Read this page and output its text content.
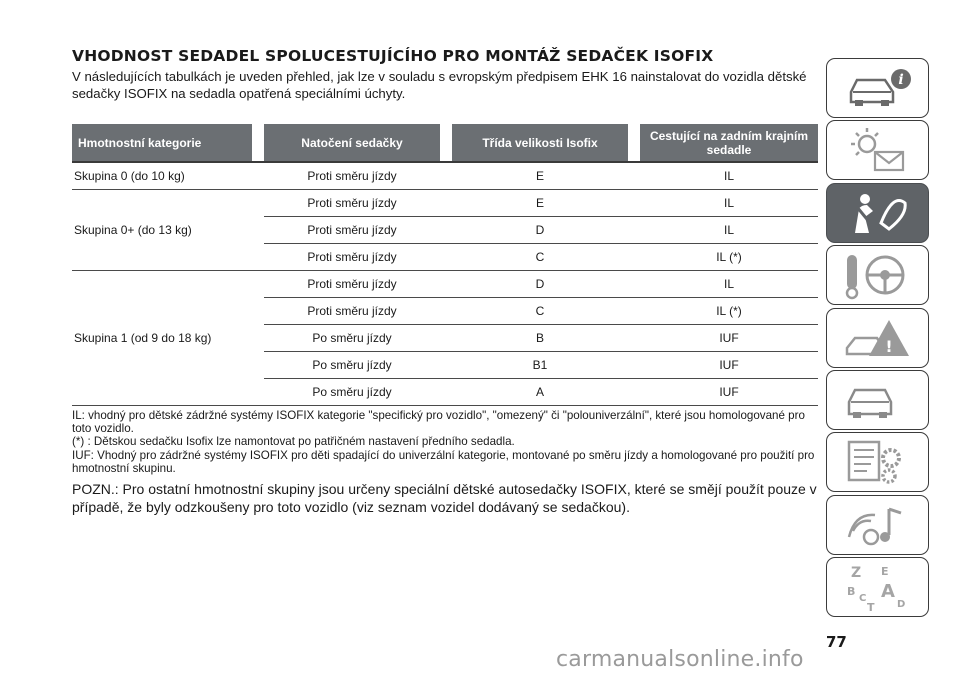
VHODNOST SEDADEL SPOLUCESTUJÍCÍHO PRO MONTÁŽ SEDAČEK ISOFIX
V následujících tabulkách je uveden přehled, jak lze v souladu s evropským předpisem EHK 16 nainstalovat do vozidla dětské sedačky ISOFIX na sedadla opatřená speciálními úchyty.
Hmotnostní kategorie		Natočení sedačky		Třída velikosti Isofix		Cestující na zadním krajním sedadle
Skupina 0 (do 10 kg)		Proti směru jízdy		E		IL
Skupina 0+ (do 13 kg)		Proti směru jízdy		E		IL
		Proti směru jízdy		D		IL
		Proti směru jízdy		C		IL (*)
Skupina 1 (od 9 do 18 kg)		Proti směru jízdy		D		IL
		Proti směru jízdy		C		IL (*)
		Po směru jízdy		B		IUF
		Po směru jízdy		B1		IUF
		Po směru jízdy		A		IUF

IL: vhodný pro dětské zádržné systémy ISOFIX kategorie "specifický pro vozidlo", "omezený" či "polouniverzální", které jsou homologované pro toto vozidlo.

(*) : Dětskou sedačku Isofix lze namontovat po patřičném nastavení předního sedadla.

IUF: Vhodný pro zádržné systémy ISOFIX pro děti spadající do univerzální kategorie, montované po směru jízdy a homologované pro použití pro hmotnostní skupinu.

POZN.: Pro ostatní hmotnostní skupiny jsou určeny speciální dětské autosedačky ISOFIX, které se smějí použít pouze v případě, že byly odzkoušeny pro toto vozidlo (viz seznam vozidel dodávaný se sedačkou).
77
carmanualsonline.info
i
!
Z E
B A
C
T D
